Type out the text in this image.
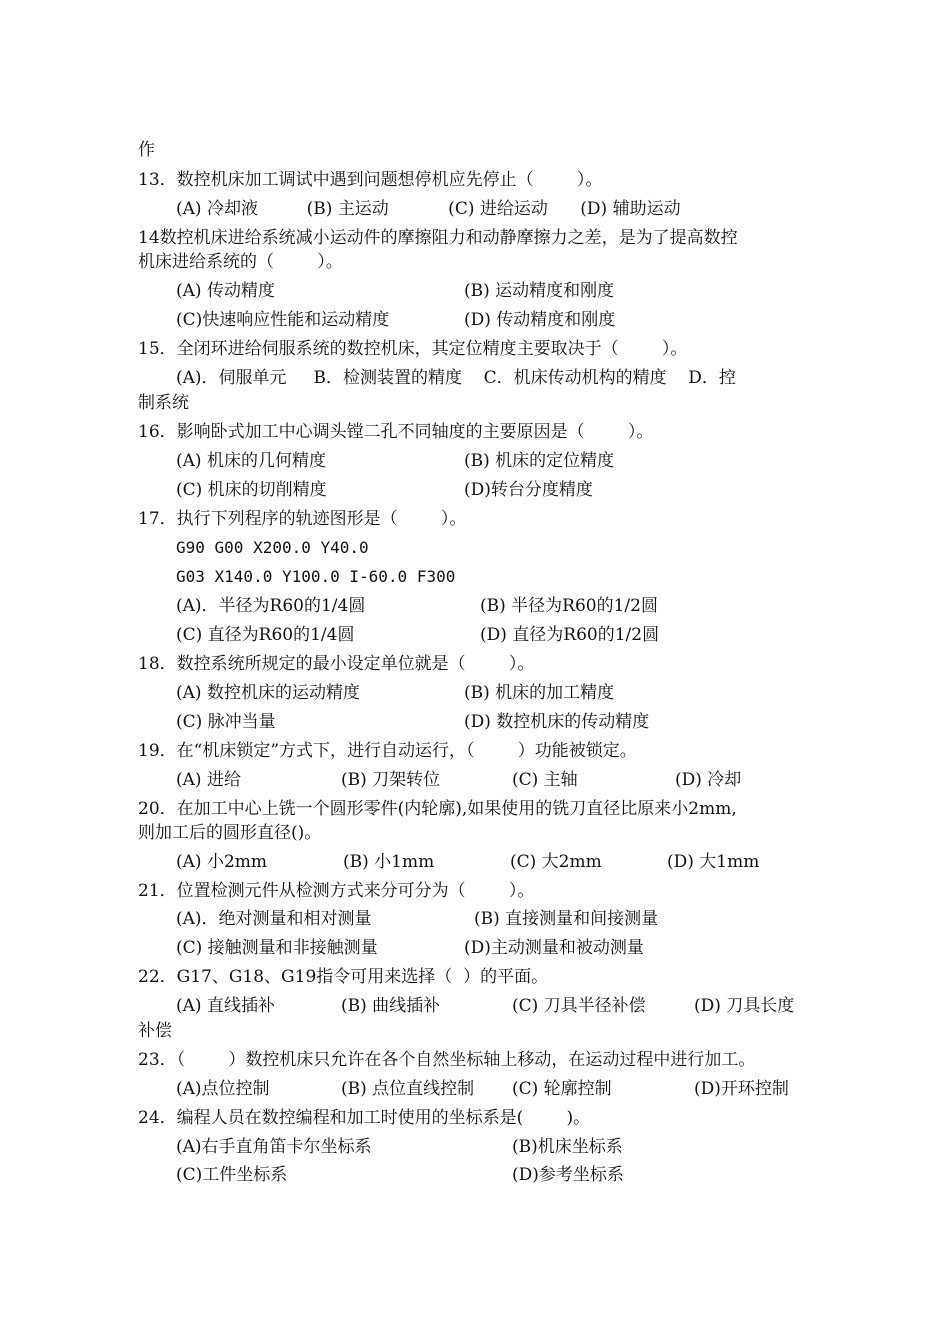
作
13．数控机床加工调试中遇到问题想停机应先停止（        ）。
(A) 冷却液         (B) 主运动           (C) 进给运动      (D) 辅助运动
14数控机床进给系统减小运动件的摩擦阻力和动静摩擦力之差，是为了提高数控
机床进给系统的（        ）。
(A) 传动精度	(B) 运动精度和刚度
(C)快速响应性能和运动精度	(D) 传动精度和刚度
15．全闭环进给伺服系统的数控机床，其定位精度主要取决于（        ）。
(A)．伺服单元     B．检测装置的精度    C．机床传动机构的精度    D．控
制系统
16．影响卧式加工中心调头镗二孔不同轴度的主要原因是（        ）。
(A) 机床的几何精度	(B) 机床的定位精度
(C) 机床的切削精度	(D)转台分度精度
17．执行下列程序的轨迹图形是（        ）。
G90 G00 X200.0 Y40.0
G03 X140.0 Y100.0 I-60.0 F300
(A)．半径为R60的1/4圆	(B) 半径为R60的1/2圆
(C) 直径为R60的1/4圆	(D) 直径为R60的1/2圆
18．数控系统所规定的最小设定单位就是（        ）。
(A) 数控机床的运动精度	(B) 机床的加工精度
(C) 脉冲当量	(D) 数控机床的传动精度
19．在“机床锁定”方式下，进行自动运行，（        ）功能被锁定。
(A) 进给	(B) 刀架转位	(C) 主轴	(D) 冷却
20．在加工中心上铣一个圆形零件(内轮廓),如果使用的铣刀直径比原来小2mm,
则加工后的圆形直径()。
(A) 小2mm	(B) 小1mm	(C) 大2mm	(D) 大1mm
21．位置检测元件从检测方式来分可分为（        ）。
(A)．绝对测量和相对测量	(B) 直接测量和间接测量
(C) 接触测量和非接触测量	(D)主动测量和被动测量
22．G17、G18、G19指令可用来选择（  ）的平面。
(A) 直线插补	(B) 曲线插补	(C) 刀具半径补偿	(D) 刀具长度
补偿
23．（        ）数控机床只允许在各个自然坐标轴上移动，在运动过程中进行加工。
(A)点位控制	(B) 点位直线控制 (C) 轮廓控制	(D)开环控制
24．编程人员在数控编程和加工时使用的坐标系是(        )。
(A)右手直角笛卡尔坐标系	(B)机床坐标系
(C)工件坐标系	(D)参考坐标系
